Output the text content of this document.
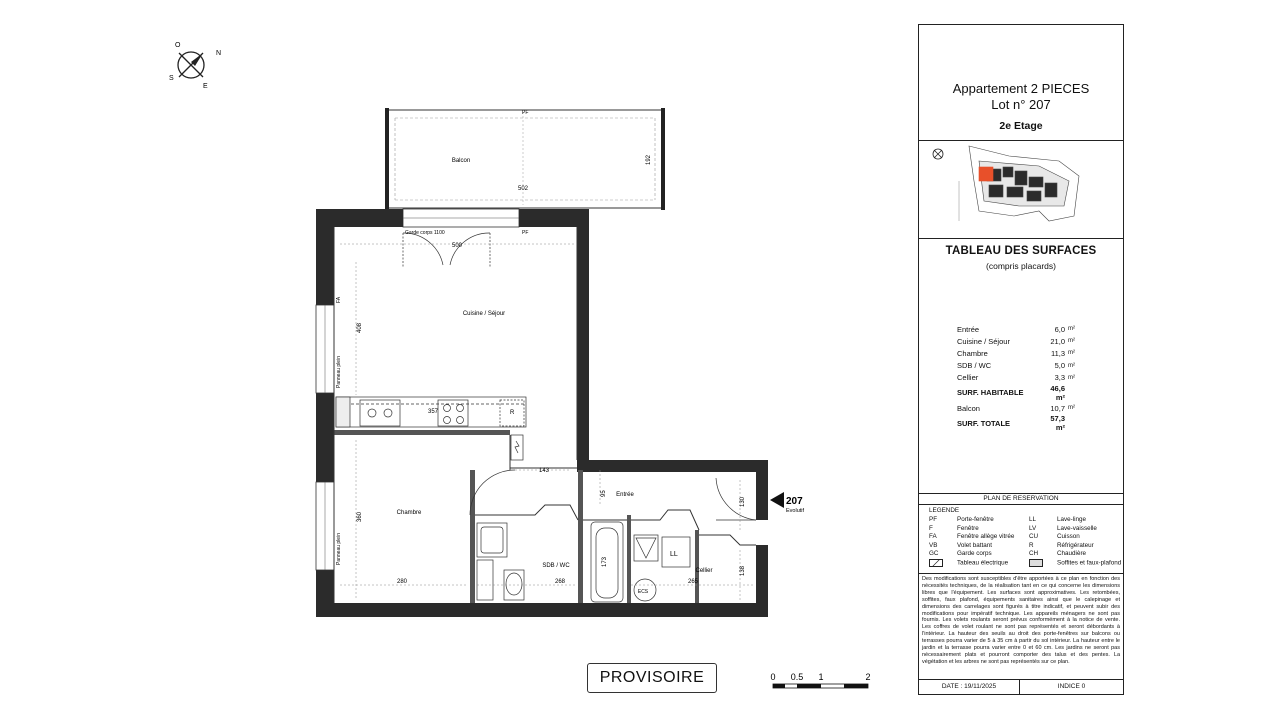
N
E
S
O
502
192
Balcon
Garde corps 1100	PF
PF
FA
Panneau plein
Panneau plein
R
ECS
LL
500
408
357
360
280	268	265
143
95
173
130
138
Cuisine / Séjour
Chambre
SDB / WC
Entrée
Cellier
207
Evolutif
0 0.5 1	2
PROVISOIRE
Appartement 2 PIECES
Lot n° 207
2e Etage
TABLEAU DES SURFACES
(compris placards)
Entrée	6,0	m²
Cuisine / Séjour	21,0	m²
Chambre	11,3	m²
SDB / WC	5,0	m²
Cellier	3,3	m²
SURF. HABITABLE	46,6 m²	
Balcon	10,7	m²
SURF. TOTALE	57,3 m²	
PLAN DE RESERVATION
LEGENDE
PF	Porte-fenêtre
F	Fenêtre
FA	Fenêtre allège vitrée
VB	Volet battant
GC	Garde corps
Tableau électrique
LL	Lave-linge
LV	Lave-vaisselle
CU	Cuisson
R	Réfrigérateur
CH	Chaudière
Soffites et faux-plafond
Des modifications sont susceptibles d'être apportées à ce plan en fonction des nécessités techniques, de la réalisation tant en ce qui concerne les dimensions libres que l'équipement. Les surfaces sont approximatives. Les retombées, soffites, faux plafond, équipements sanitaires ainsi que le calepinage et dimensions des carrelages sont figurés à titre indicatif, et peuvent subir des modifications pour impératif technique. Les appareils ménagers ne sont pas fournis. Les volets roulants seront prévus conformément à la notice de vente. Les coffres de volet roulant ne sont pas représentés et seront débordants à l'intérieur. La hauteur des seuils au droit des porte-fenêtres sur balcons ou terrasses pourra varier de 5 à 35 cm à partir du sol intérieur. La hauteur entre le jardin et la terrasse pourra varier entre 0 et 60 cm. Les jardins ne seront pas nécessairement plats et pourront comporter des talus et des pentes. La végétation et les arbres ne sont pas représentés sur ce plan.
DATE : 19/11/2025	INDICE 0
